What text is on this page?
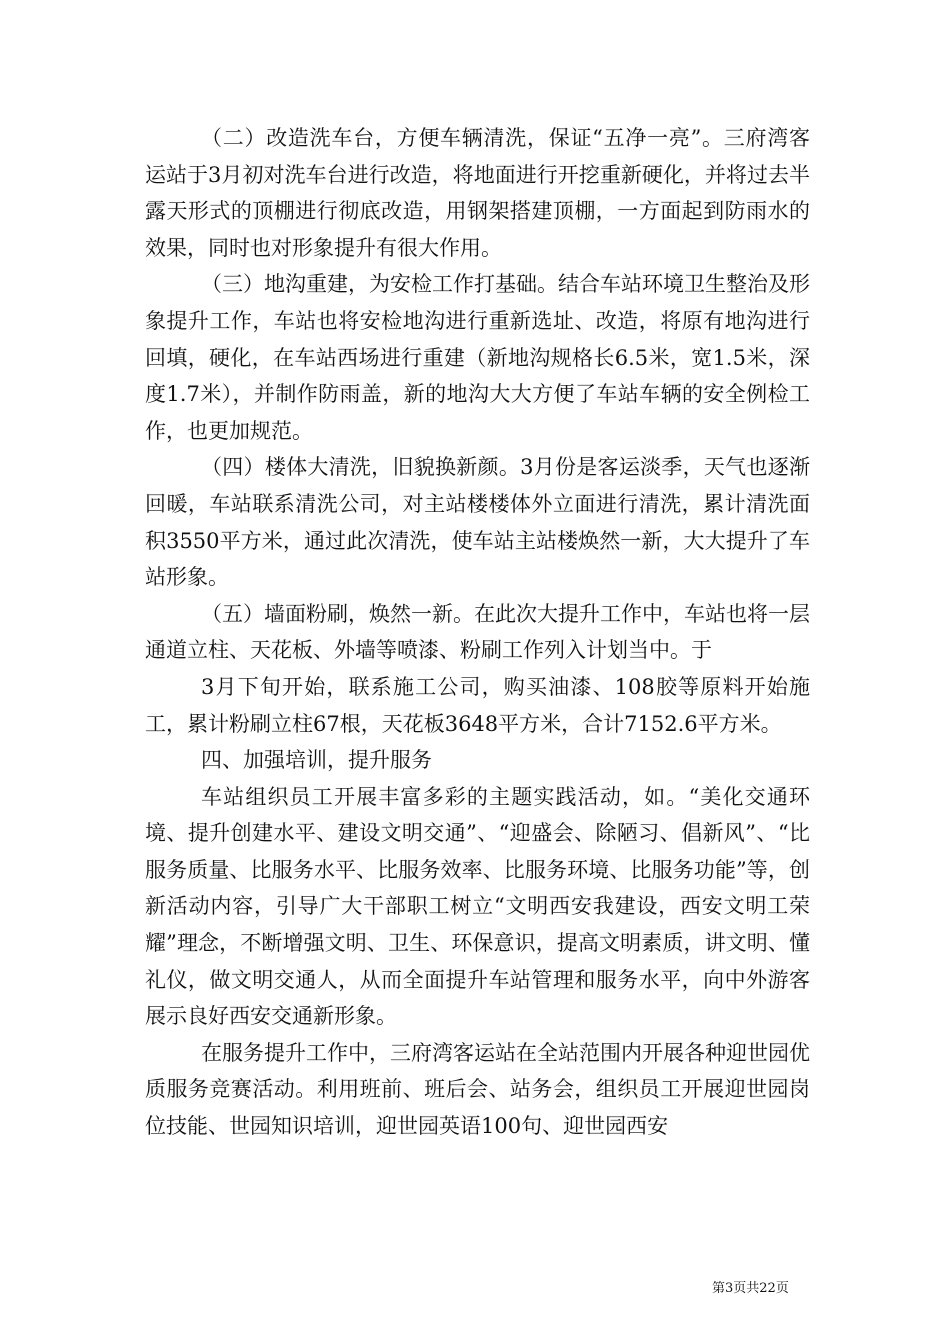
（二）改造洗车台，方便车辆清洗，保证“五净一亮”。三府湾客运站于3月初对洗车台进行改造，将地面进行开挖重新硬化，并将过去半露天形式的顶棚进行彻底改造，用钢架搭建顶棚，一方面起到防雨水的效果，同时也对形象提升有很大作用。

（三）地沟重建，为安检工作打基础。结合车站环境卫生整治及形象提升工作，车站也将安检地沟进行重新选址、改造，将原有地沟进行回填，硬化，在车站西场进行重建（新地沟规格长6.5米，宽1.5米，深度1.7米），并制作防雨盖，新的地沟大大方便了车站车辆的安全例检工作，也更加规范。

（四）楼体大清洗，旧貌换新颜。3月份是客运淡季，天气也逐渐回暖，车站联系清洗公司，对主站楼楼体外立面进行清洗，累计清洗面积3550平方米，通过此次清洗，使车站主站楼焕然一新，大大提升了车站形象。

（五）墙面粉刷，焕然一新。在此次大提升工作中，车站也将一层通道立柱、天花板、外墙等喷漆、粉刷工作列入计划当中。于

3月下旬开始，联系施工公司，购买油漆、108胶等原料开始施工，累计粉刷立柱67根，天花板3648平方米，合计7152.6平方米。

四、加强培训，提升服务

车站组织员工开展丰富多彩的主题实践活动，如。“美化交通环境、提升创建水平、建设文明交通”、“迎盛会、除陋习、倡新风”、“比服务质量、比服务水平、比服务效率、比服务环境、比服务功能”等，创新活动内容，引导广大干部职工树立“文明西安我建设，西安文明工荣耀”理念，不断增强文明、卫生、环保意识，提高文明素质，讲文明、懂礼仪，做文明交通人，从而全面提升车站管理和服务水平，向中外游客展示良好西安交通新形象。

在服务提升工作中，三府湾客运站在全站范围内开展各种迎世园优质服务竞赛活动。利用班前、班后会、站务会，组织员工开展迎世园岗位技能、世园知识培训，迎世园英语100句、迎世园西安

第3页共22页
